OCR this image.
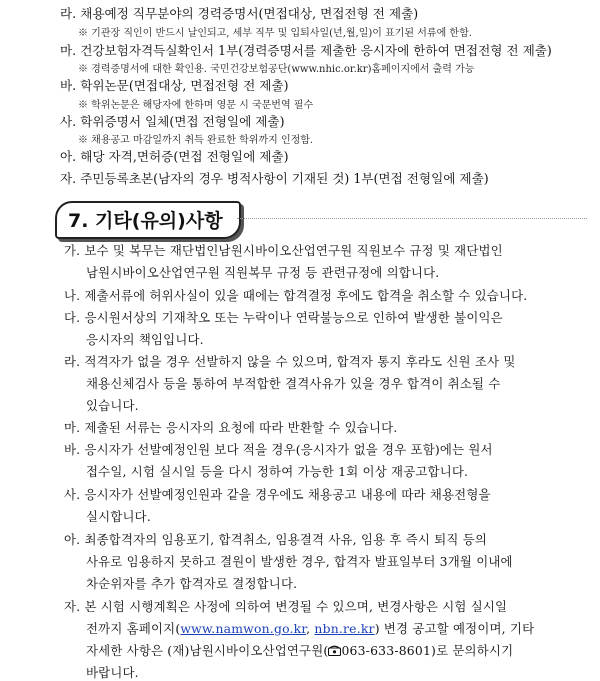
라. 채용예정 직무분야의 경력증명서(면접대상, 면접전형 전 제출)
※ 기관장 직인이 반드시 날인되고, 세부 직무 및 입퇴사일(년,월,일)이 표기된 서류에 한함.
마. 건강보험자격득실확인서 1부(경력증명서를 제출한 응시자에 한하여 면접전형 전 제출)
※ 경력증명서에 대한 확인용. 국민건강보험공단(www.nhic.or.kr)홈페이지에서 출력 가능
바. 학위논문(면접대상, 면접전형 전 제출)
※ 학위논문은 해당자에 한하며 영문 시 국문번역 필수
사. 학위증명서 일체(면접 전형일에 제출)
※ 채용공고 마감일까지 취득 완료한 학위까지 인정함.
아. 해당 자격,면허증(면접 전형일에 제출)
자. 주민등록초본(남자의 경우 병적사항이 기재된 것) 1부(면접 전형일에 제출)
7. 기타(유의)사항
가. 보수 및 복무는 재단법인남원시바이오산업연구원 직원보수 규정 및 재단법인
남원시바이오산업연구원 직원복무 규정 등 관련규정에 의합니다.
나. 제출서류에 허위사실이 있을 때에는 합격결정 후에도 합격을 취소할 수 있습니다.
다. 응시원서상의 기재착오 또는 누락이나 연락불능으로 인하여 발생한 불이익은
응시자의 책임입니다.
라. 적격자가 없을 경우 선발하지 않을 수 있으며, 합격자 통지 후라도 신원 조사 및
채용신체검사 등을 통하여 부적합한 결격사유가 있을 경우 합격이 취소될 수
있습니다.
마. 제출된 서류는 응시자의 요청에 따라 반환할 수 있습니다.
바. 응시자가 선발예정인원 보다 적을 경우(응시자가 없을 경우 포함)에는 원서
접수일, 시험 실시일 등을 다시 정하여 가능한 1회 이상 재공고합니다.
사. 응시자가 선발예정인원과 같을 경우에도 채용공고 내용에 따라 채용전형을
실시합니다.
아. 최종합격자의 임용포기, 합격취소, 임용결격 사유, 임용 후 즉시 퇴직 등의
사유로 임용하지 못하고 결원이 발생한 경우, 합격자 발표일부터 3개월 이내에
차순위자를 추가 합격자로 결정합니다.
자. 본 시험 시행계획은 사정에 의하여 변경될 수 있으며, 변경사항은 시험 실시일
전까지 홈페이지(www.namwon.go.kr, nbn.re.kr) 변경 공고할 예정이며, 기타
자세한 사항은 (재)남원시바이오산업연구원( 063-633-8601)로 문의하시기
바랍니다.
